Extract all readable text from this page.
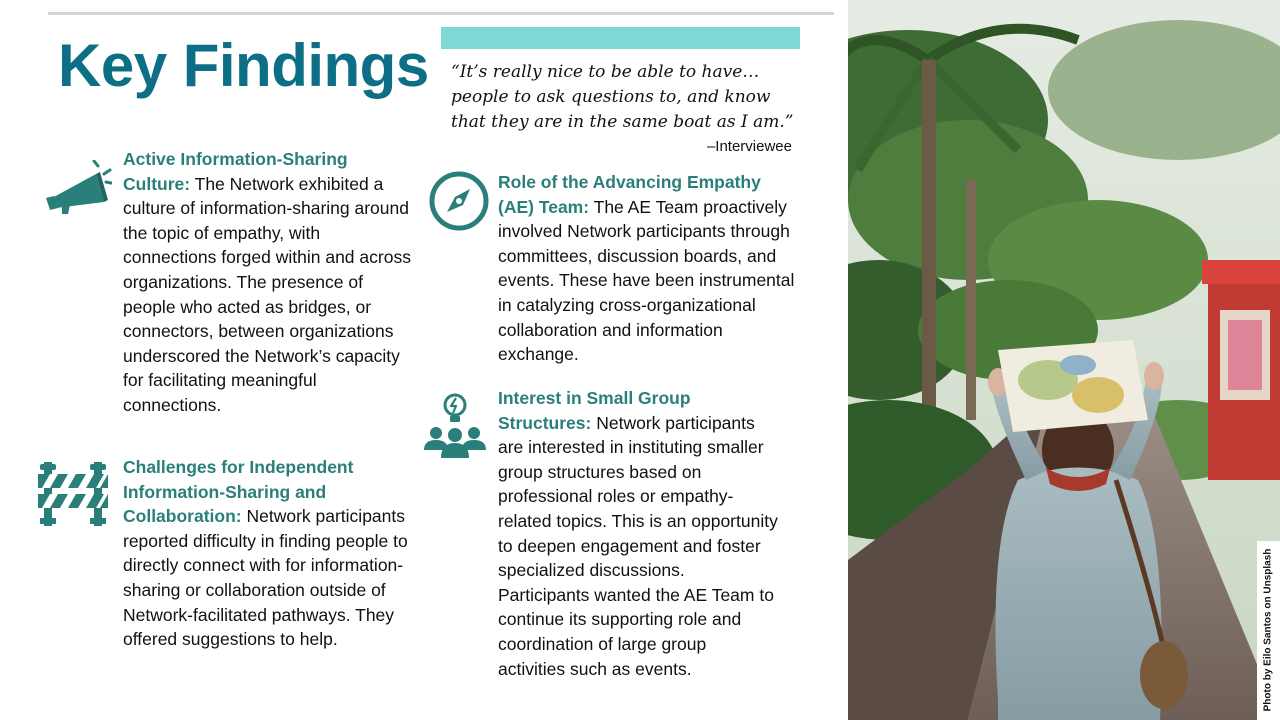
Key Findings “It’s really nice to be able to have…people to ask questions to, and know that they are in the same boat as I am.”

–Interviewee
Active Information-Sharing Culture: The Network exhibited a culture of information-sharing around the topic of empathy, with connections forged within and across organizations. The presence of people who acted as bridges, or connectors, between organizations underscored the Network’s capacity for facilitating meaningful connections.
Challenges for Independent Information-Sharing and Collaboration: Network participants reported difficulty in finding people to directly connect with for information-sharing or collaboration outside of Network-facilitated pathways. They offered suggestions to help.
Role of the Advancing Empathy (AE) Team: The AE Team proactively involved Network participants through committees, discussion boards, and events. These have been instrumental in catalyzing cross-organizational collaboration and information exchange.
Interest in Small Group Structures: Network participants are interested in instituting smaller group structures based on professional roles or empathy-related topics. This is an opportunity to deepen engagement and foster specialized discussions. Participants wanted the AE Team to continue its supporting role and coordination of large group activities such as events.	Photo by Eilo Santos on Unsplash
